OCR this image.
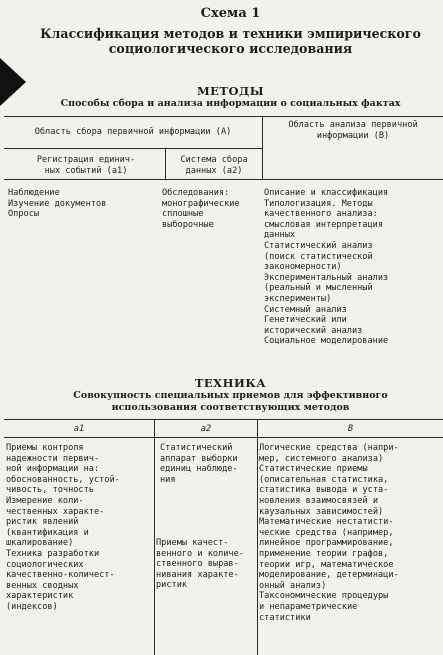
Схема 1
Классификация методов и техники эмпирического социологического исследования
МЕТОДЫ
Способы сбора и анализа информации о социальных фактах
Область сбора первичной информации (А)
Область анализа первичной
информации (В)
Регистрация единич-
ных событий (а1)
Система сбора
данных (а2)
Наблюдение
Изучение документов
Опросы
Обследования:
монографические
сплошные
выборочные
Описание и классификация
Типологизация. Методы
качественного анализа:
смысловая интерпретация
данных
Статистический анализ
(поиск статистической
закономерности)
Экспериментальный анализ
(реальный и мысленный
эксперименты)
Системный анализ
Генетический или
исторический анализ
Социальное моделирование
ТЕХНИКА
Совокупность специальных приемов для эффективного использования соответствующих методов
а1	а2	В
Приемы контроля
надежности первич-
ной информации на:
обоснованность, устой-
чивость, точность
Измерение коли-
чественных характе-
ристик явлений
(квантификация и
шкалирование)
Техника разработки
социологических
качественно-количест-
венных сводных
характеристик
(индексов)
Статистический
аппарат выборки
единиц наблюде-
ния
Приемы качест-
венного и количе-
ственного вырав-
нивания характе-
ристик
Логические средства (напри-
мер, системного анализа)
Статистические приемы
(описательная статистика,
статистика вывода и уста-
новления взаимосвязей и
каузальных зависимостей)
Математические нестатисти-
ческие средства (например,
линейное программирование,
применение теории графов,
теории игр, математическое
моделирование, детерминаци-
онный анализ)
Таксономические процедуры
и непараметрические
статистики
